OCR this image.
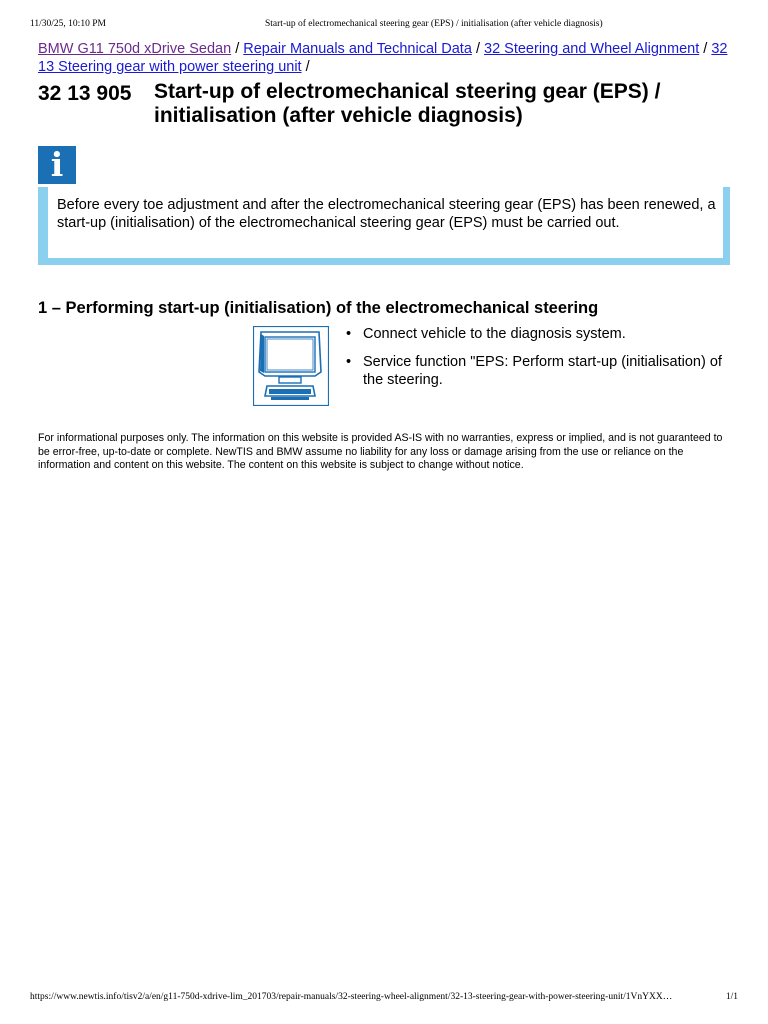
11/30/25, 10:10 PM	Start-up of electromechanical steering gear (EPS) / initialisation (after vehicle diagnosis)
BMW G11 750d xDrive Sedan / Repair Manuals and Technical Data / 32 Steering and Wheel Alignment / 32 13 Steering gear with power steering unit /
32 13 905 Start-up of electromechanical steering gear (EPS) / initialisation (after vehicle diagnosis)
i
Before every toe adjustment and after the electromechanical steering gear (EPS) has been renewed, a start-up (initialisation) of the electromechanical steering gear (EPS) must be carried out.
1 – Performing start-up (initialisation) of the electromechanical steering
• Connect vehicle to the diagnosis system.
• Service function "EPS: Perform start-up (initialisation) of the steering.
For informational purposes only. The information on this website is provided AS-IS with no warranties, express or implied, and is not guaranteed to be error-free, up-to-date or complete. NewTIS and BMW assume no liability for any loss or damage arising from the use or reliance on the information and content on this website. The content on this website is subject to change without notice.
https://www.newtis.info/tisv2/a/en/g11-750d-xdrive-lim_201703/repair-manuals/32-steering-wheel-alignment/32-13-steering-gear-with-power-steering-unit/1VnYXX…	1/1
